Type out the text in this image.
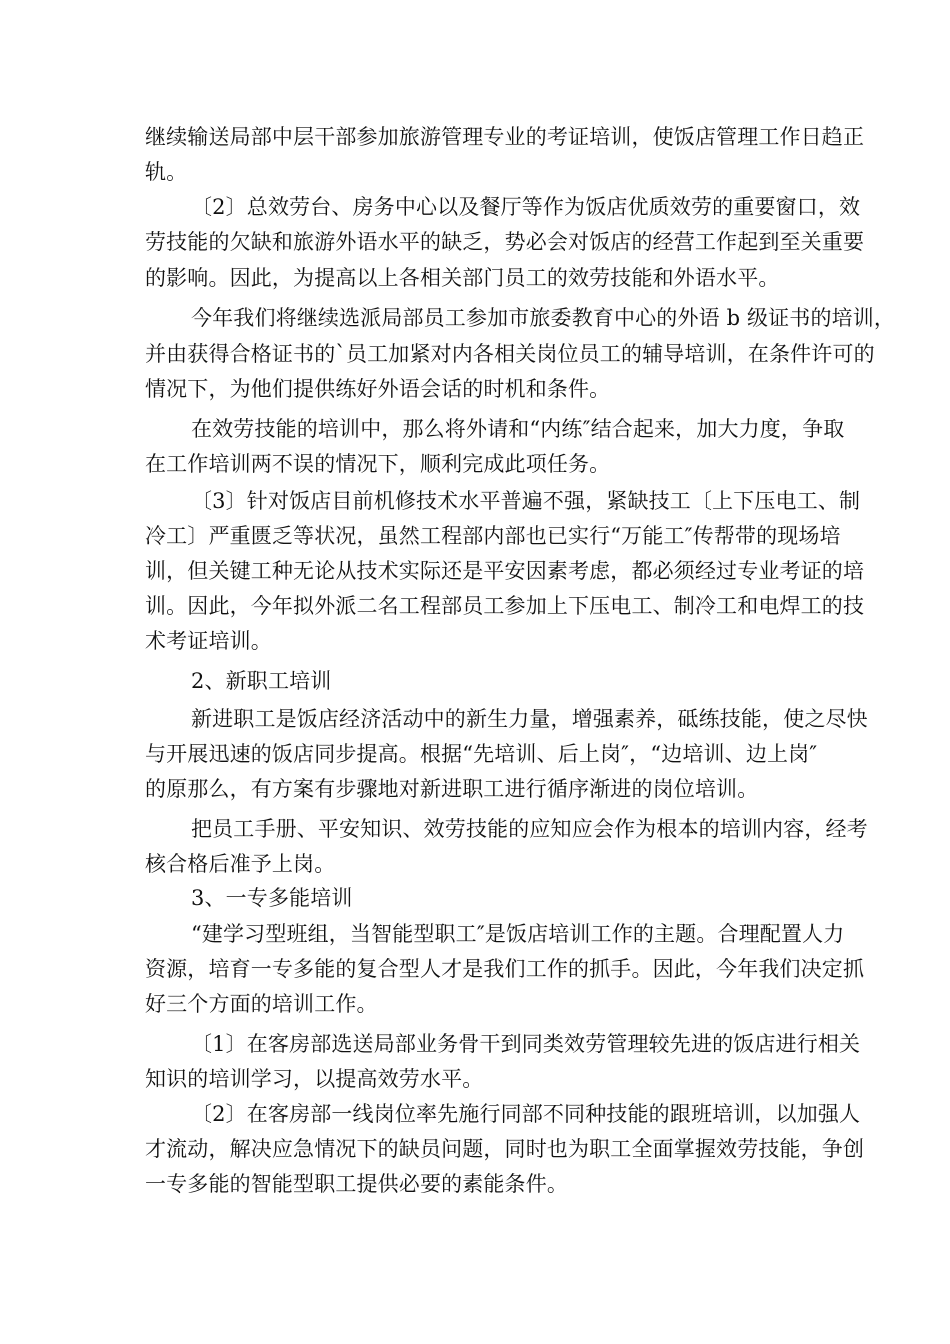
继续输送局部中层干部参加旅游管理专业的考证培训，使饭店管理工作日趋正
轨。
〔2〕总效劳台、房务中心以及餐厅等作为饭店优质效劳的重要窗口，效
劳技能的欠缺和旅游外语水平的缺乏，势必会对饭店的经营工作起到至关重要
的影响。因此，为提高以上各相关部门员工的效劳技能和外语水平。
今年我们将继续选派局部员工参加市旅委教育中心的外语 b 级证书的培训，
并由获得合格证书的`员工加紧对内各相关岗位员工的辅导培训，在条件许可的
情况下，为他们提供练好外语会话的时机和条件。
在效劳技能的培训中，那么将外请和“内练″结合起来，加大力度，争取
在工作培训两不误的情况下，顺利完成此项任务。
〔3〕针对饭店目前机修技术水平普遍不强，紧缺技工〔上下压电工、制
冷工〕严重匮乏等状况，虽然工程部内部也已实行“万能工″传帮带的现场培
训，但关键工种无论从技术实际还是平安因素考虑，都必须经过专业考证的培
训。因此，今年拟外派二名工程部员工参加上下压电工、制冷工和电焊工的技
术考证培训。
2、新职工培训
新进职工是饭店经济活动中的新生力量，增强素养，砥练技能，使之尽快
与开展迅速的饭店同步提高。根据“先培训、后上岗″，“边培训、边上岗″
的原那么，有方案有步骤地对新进职工进行循序渐进的岗位培训。
把员工手册、平安知识、效劳技能的应知应会作为根本的培训内容，经考
核合格后准予上岗。
3、一专多能培训
“建学习型班组，当智能型职工″是饭店培训工作的主题。合理配置人力
资源，培育一专多能的复合型人才是我们工作的抓手。因此，今年我们决定抓
好三个方面的培训工作。
〔1〕在客房部选送局部业务骨干到同类效劳管理较先进的饭店进行相关
知识的培训学习，以提高效劳水平。
〔2〕在客房部一线岗位率先施行同部不同种技能的跟班培训，以加强人
才流动，解决应急情况下的缺员问题，同时也为职工全面掌握效劳技能，争创
一专多能的智能型职工提供必要的素能条件。
